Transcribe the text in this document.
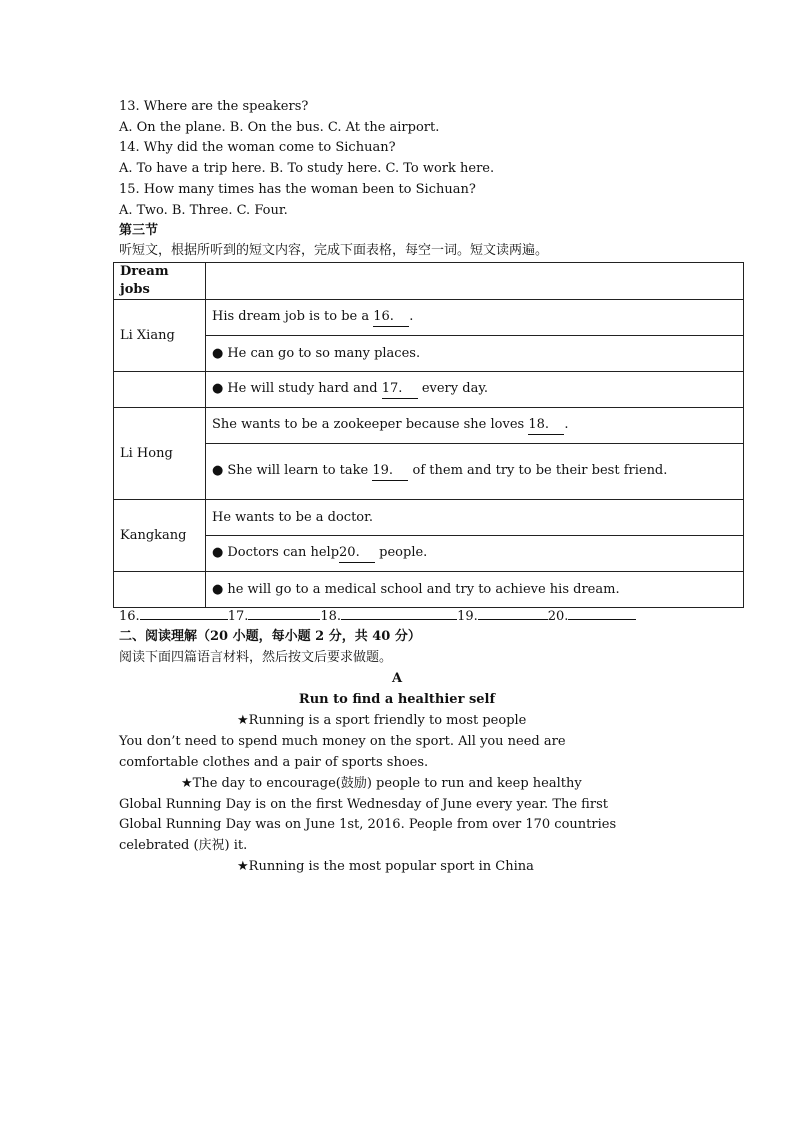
13. Where are the speakers?
A. On the plane. B. On the bus. C. At the airport.
14. Why did the woman come to Sichuan?
A. To have a trip here. B. To study here. C. To work here.
15. How many times has the woman been to Sichuan?
A. Two. B. Three. C. Four.
第三节
听短文，根据所听到的短文内容，完成下面表格，每空一词。短文读两遍。
Dream jobs	
Li Xiang	His dream job is to be a 16. .
	● He can go to so many places.
	● He will study hard and 17. every day.
Li Hong	She wants to be a zookeeper because she loves 18. .
	● She will learn to take 19. of them and try to be their best friend.
Kangkang	He wants to be a doctor.
	● Doctors can help20. people.
	● he will go to a medical school and try to achieve his dream.
16.	17.	18.	19.	20.
二、阅读理解（20 小题，每小题 2 分，共 40 分）
阅读下面四篇语言材料，然后按文后要求做题。
A
Run to find a healthier self
★Running is a sport friendly to most people
You don’t need to spend much money on the sport. All you need are
comfortable clothes and a pair of sports shoes.
★The day to encourage(鼓励) people to run and keep healthy
Global Running Day is on the first Wednesday of June every year. The first
Global Running Day was on June 1st, 2016. People from over 170 countries
celebrated (庆祝) it.
★Running is the most popular sport in China
